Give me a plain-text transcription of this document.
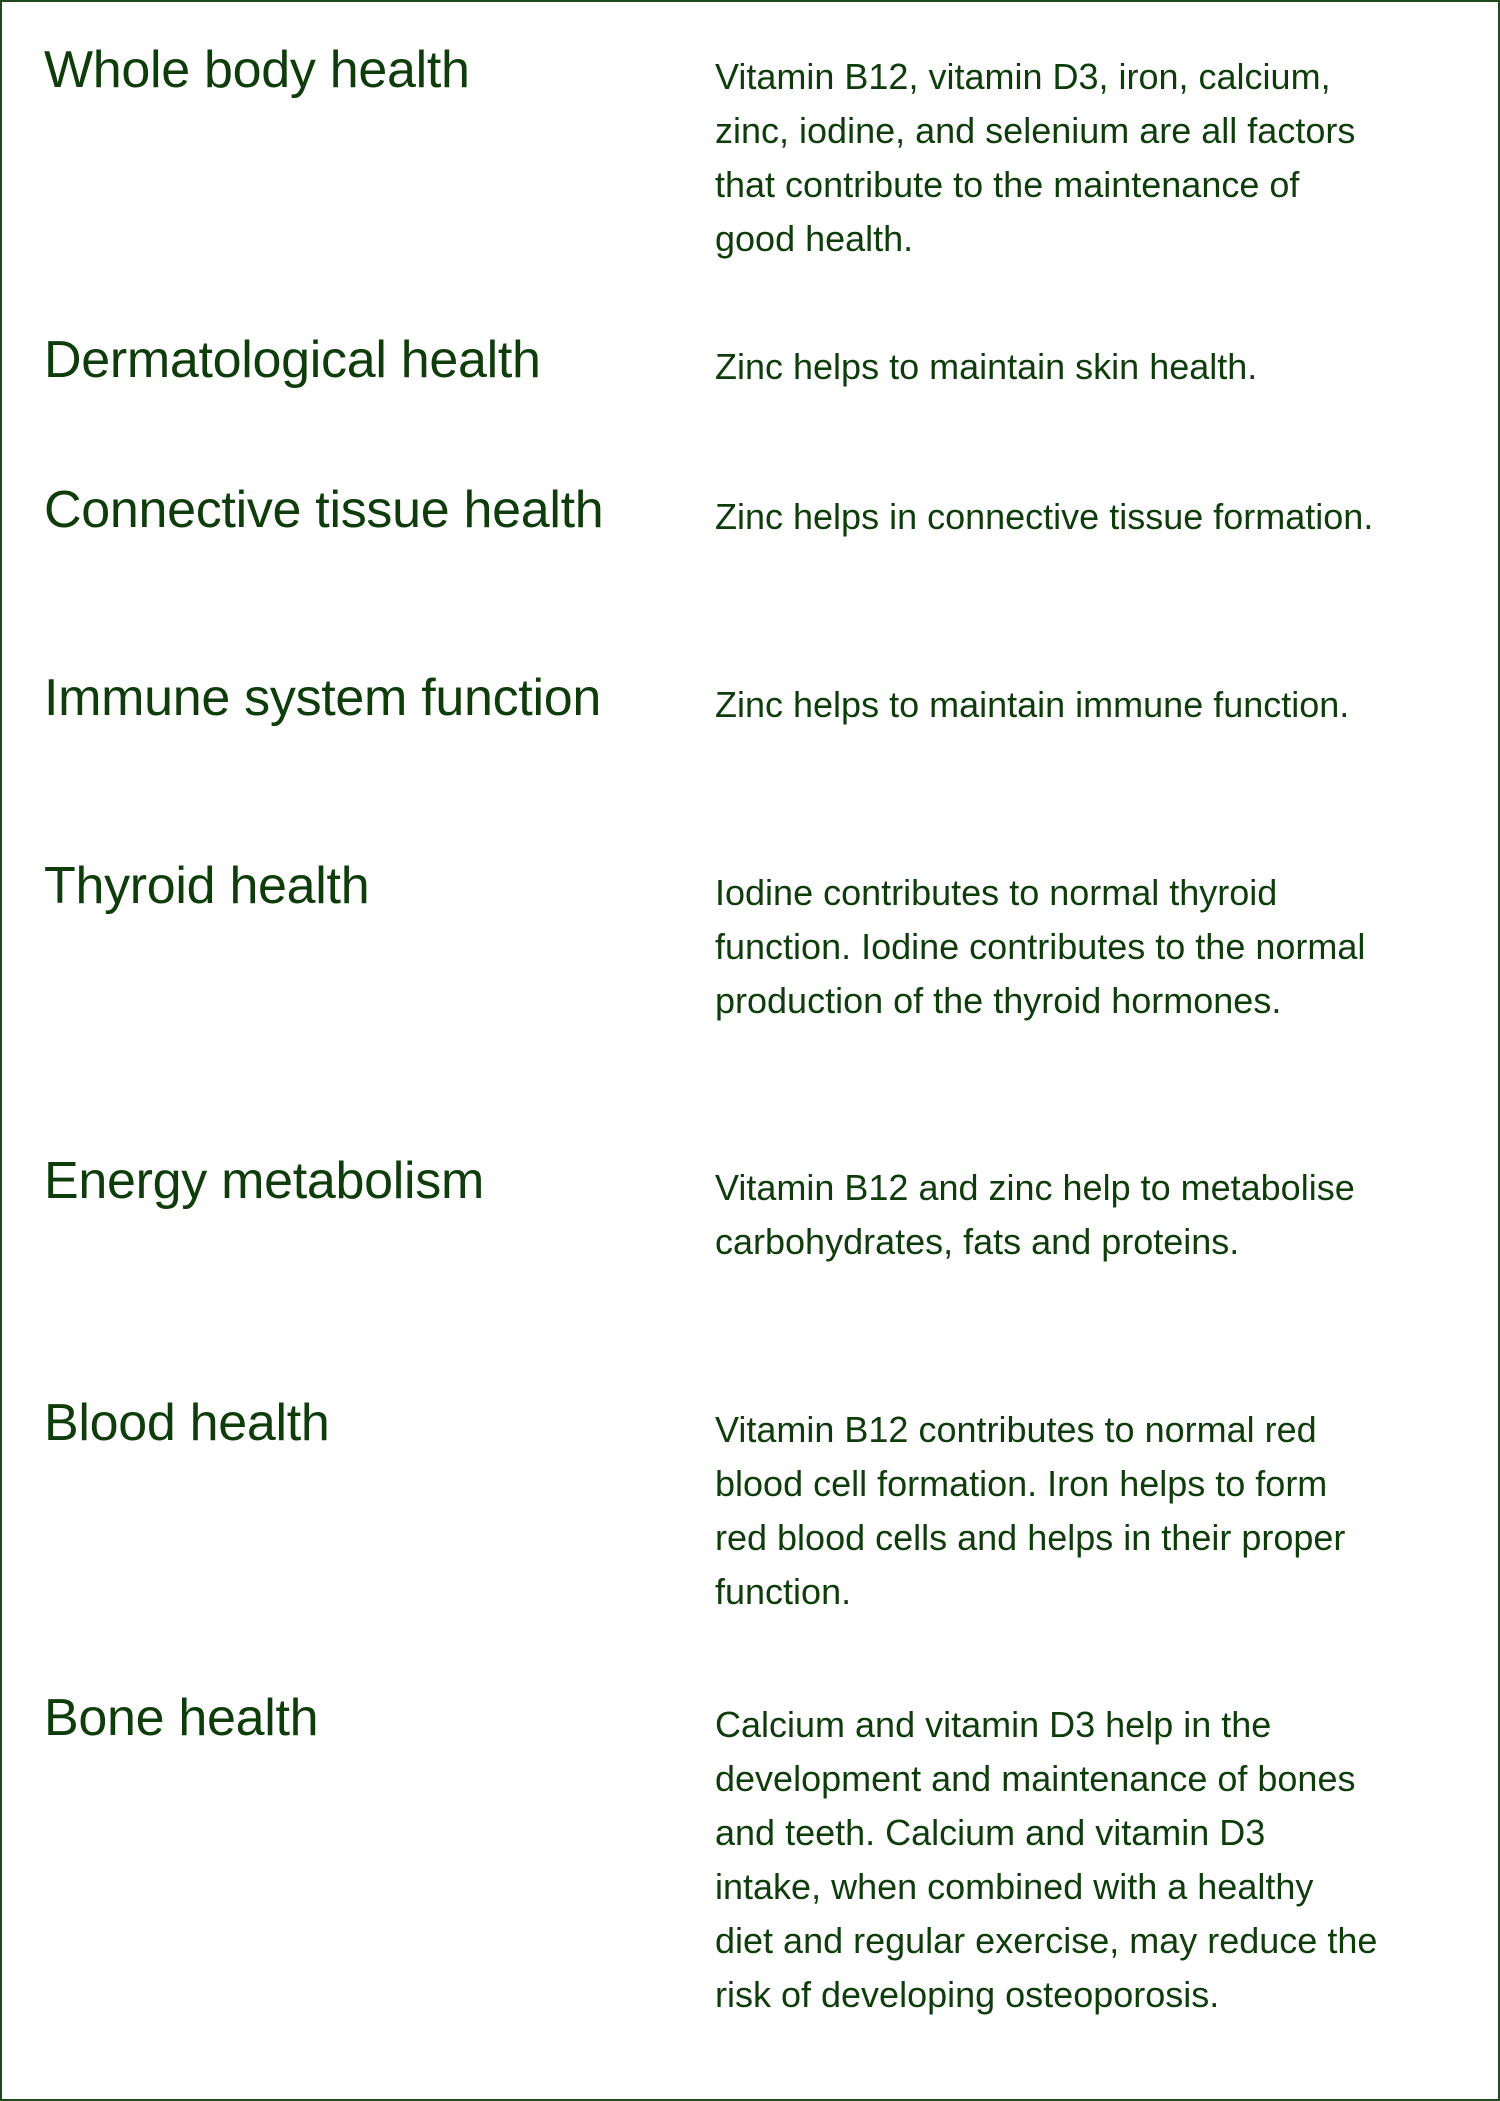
Whole body health	Vitamin B12, vitamin D3, iron, calcium, zinc, iodine, and selenium are all factors that contribute to the maintenance of good health.

Dermatological health	Zinc helps to maintain skin health.

Connective tissue health	Zinc helps in connective tissue formation.

Immune system function	Zinc helps to maintain immune function.

Thyroid health	Iodine contributes to normal thyroid function. Iodine contributes to the normal production of the thyroid hormones.

Energy metabolism	Vitamin B12 and zinc help to metabolise carbohydrates, fats and proteins.

Blood health	Vitamin B12 contributes to normal red blood cell formation. Iron helps to form red blood cells and helps in their proper function.

Bone health	Calcium and vitamin D3 help in the development and maintenance of bones and teeth. Calcium and vitamin D3 intake, when combined with a healthy diet and regular exercise, may reduce the risk of developing osteoporosis.
